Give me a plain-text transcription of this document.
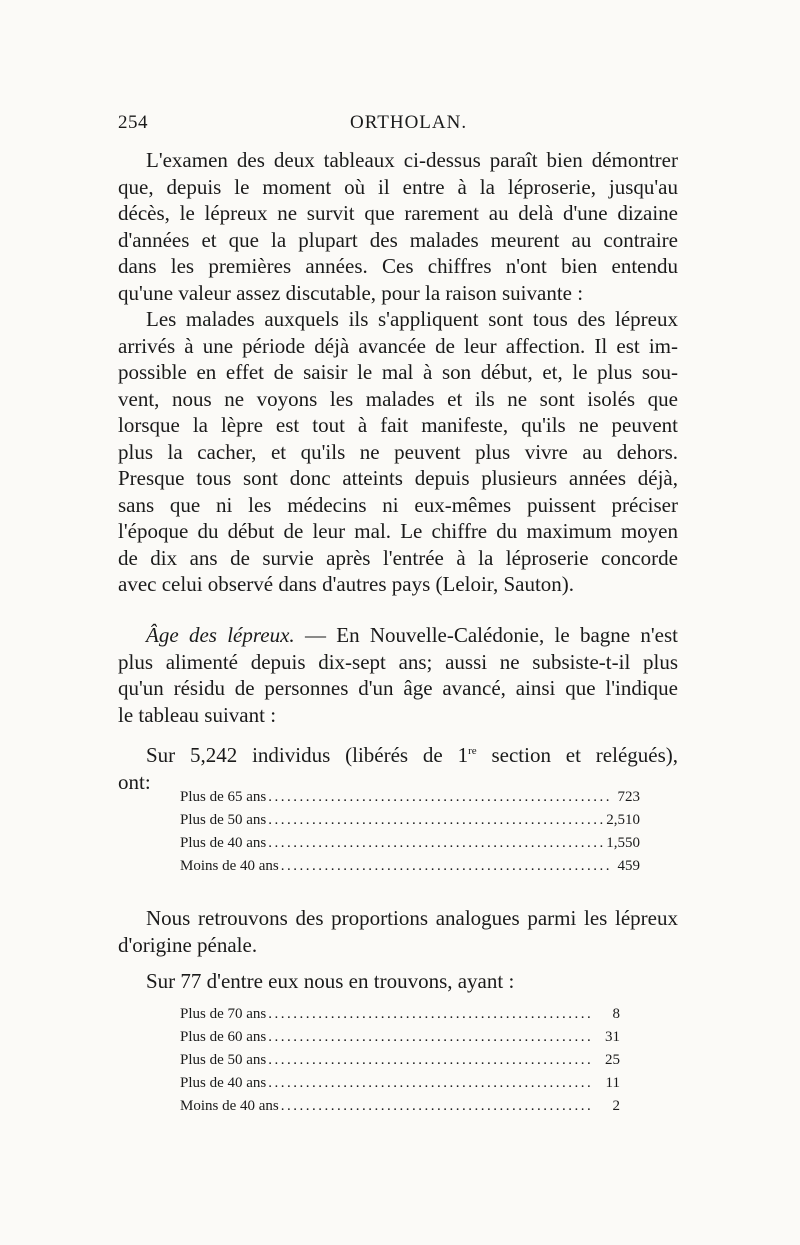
254	ORTHOLAN.
L'examen des deux tableaux ci-dessus paraît bien démontrer
que, depuis le moment où il entre à la léproserie, jusqu'au
décès, le lépreux ne survit que rarement au delà d'une dizaine
d'années et que la plupart des malades meurent au contraire
dans les premières années. Ces chiffres n'ont bien entendu
qu'une valeur assez discutable, pour la raison suivante :
Les malades auxquels ils s'appliquent sont tous des lépreux
arrivés à une période déjà avancée de leur affection. Il est im-
possible en effet de saisir le mal à son début, et, le plus sou-
vent, nous ne voyons les malades et ils ne sont isolés que
lorsque la lèpre est tout à fait manifeste, qu'ils ne peuvent
plus la cacher, et qu'ils ne peuvent plus vivre au dehors.
Presque tous sont donc atteints depuis plusieurs années déjà,
sans que ni les médecins ni eux-mêmes puissent préciser
l'époque du début de leur mal. Le chiffre du maximum moyen
de dix ans de survie après l'entrée à la léproserie concorde
avec celui observé dans d'autres pays (Leloir, Sauton).
Âge des lépreux. — En Nouvelle-Calédonie, le bagne n'est
plus alimenté depuis dix-sept ans; aussi ne subsiste-t-il plus
qu'un résidu de personnes d'un âge avancé, ainsi que l'indique
le tableau suivant :
Sur 5,242 individus (libérés de 1re section et relégués),
ont:
Plus de 65 ans .....	723
Plus de 50 ans .....	2,510
Plus de 40 ans .....	1,550
Moins de 40 ans .....	459
Nous retrouvons des proportions analogues parmi les lépreux
d'origine pénale.
Sur 77 d'entre eux nous en trouvons, ayant :
Plus de 70 ans .....	8
Plus de 60 ans .....	31
Plus de 50 ans .....	25
Plus de 40 ans .....	11
Moins de 40 ans .....	2
